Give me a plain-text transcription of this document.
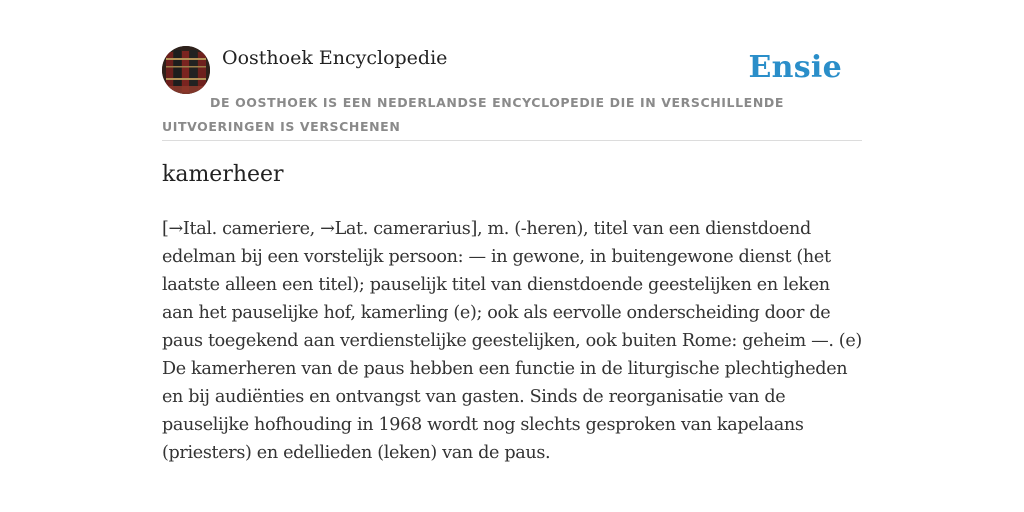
Oosthoek Encyclopedie	Ensie
DE OOSTHOEK IS EEN NEDERLANDSE ENCYCLOPEDIE DIE IN VERSCHILLENDE UITVOERINGEN IS VERSCHENEN
kamerheer

[→Ital. cameriere, →Lat. camerarius], m. (-heren), titel van een dienstdoend edelman bij een vorstelijk persoon: — in gewone, in buitengewone dienst (het laatste alleen een titel); pauselijk titel van dienstdoende geestelijken en leken aan het pauselijke hof, kamerling (e); ook als eervolle onderscheiding door de paus toegekend aan verdienstelijke geestelijken, ook buiten Rome: geheim —. (e) De kamerheren van de paus hebben een functie in de liturgische plechtigheden en bij audiënties en ontvangst van gasten. Sinds de reorganisatie van de pauselijke hofhouding in 1968 wordt nog slechts gesproken van kapelaans (priesters) en edellieden (leken) van de paus.
